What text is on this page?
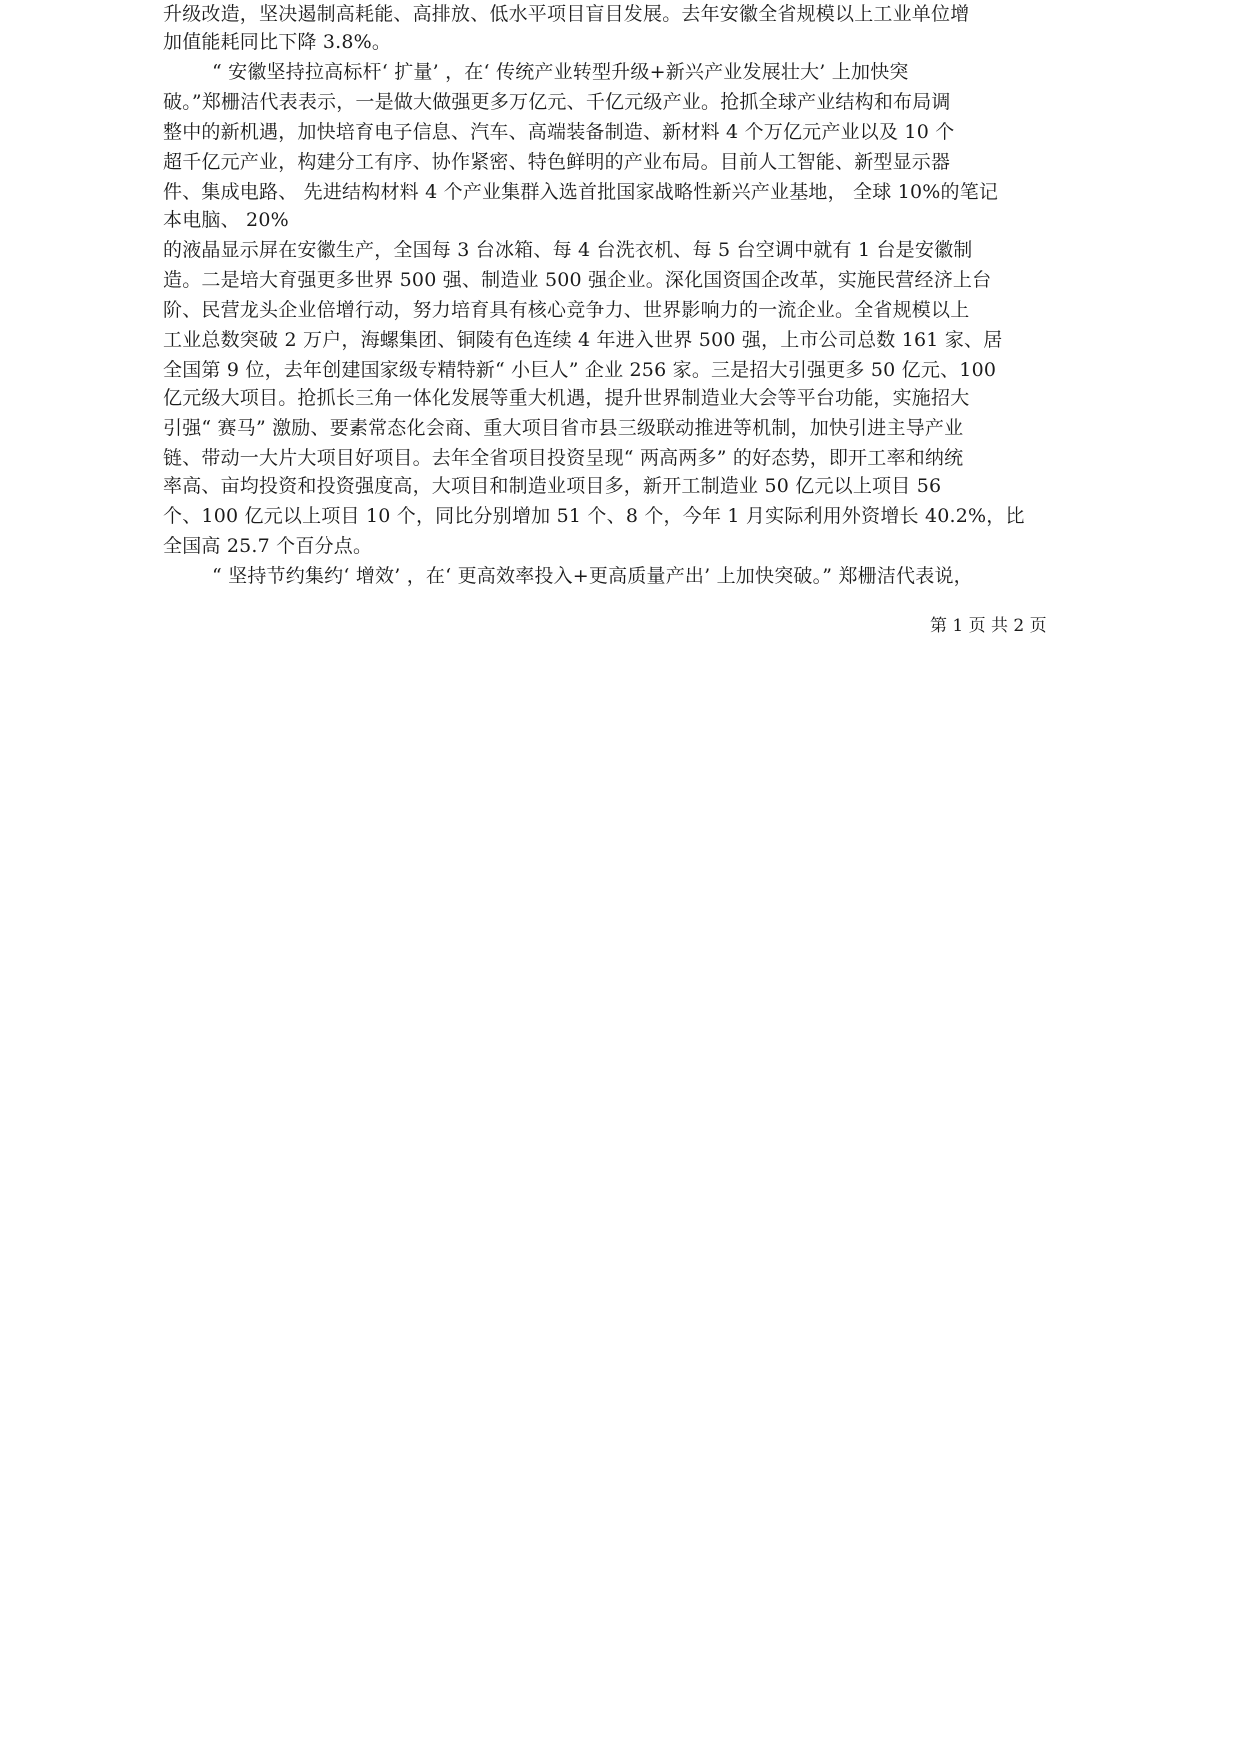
升级改造，坚决遏制高耗能、高排放、低水平项目盲目发展。去年安徽全省规模以上工业单位增
加值能耗同比下降 3.8%。
“ 安徽坚持拉高标杆‘ 扩量’ ，在‘ 传统产业转型升级+新兴产业发展壮大’ 上加快突
破。”郑栅洁代表表示，一是做大做强更多万亿元、千亿元级产业。抢抓全球产业结构和布局调
整中的新机遇，加快培育电子信息、汽车、高端装备制造、新材料 4 个万亿元产业以及 10 个
超千亿元产业，构建分工有序、协作紧密、特色鲜明的产业布局。目前人工智能、新型显示器
件、集成电路、 先进结构材料 4 个产业集群入选首批国家战略性新兴产业基地， 全球 10%的笔记
本电脑、 20%
的液晶显示屏在安徽生产，全国每 3 台冰箱、每 4 台洗衣机、每 5 台空调中就有 1 台是安徽制
造。二是培大育强更多世界 500 强、制造业 500 强企业。深化国资国企改革，实施民营经济上台
阶、民营龙头企业倍增行动，努力培育具有核心竞争力、世界影响力的一流企业。全省规模以上
工业总数突破 2 万户，海螺集团、铜陵有色连续 4 年进入世界 500 强，上市公司总数 161 家、居
全国第 9 位，去年创建国家级专精特新“ 小巨人” 企业 256 家。三是招大引强更多 50 亿元、100
亿元级大项目。抢抓长三角一体化发展等重大机遇，提升世界制造业大会等平台功能，实施招大
引强“ 赛马” 激励、要素常态化会商、重大项目省市县三级联动推进等机制，加快引进主导产业
链、带动一大片大项目好项目。去年全省项目投资呈现“ 两高两多” 的好态势，即开工率和纳统
率高、亩均投资和投资强度高，大项目和制造业项目多，新开工制造业 50 亿元以上项目 56
个、100 亿元以上项目 10 个，同比分别增加 51 个、8 个，今年 1 月实际利用外资增长 40.2%，比
全国高 25.7 个百分点。
“ 坚持节约集约‘ 增效’ ，在‘ 更高效率投入+更高质量产出’ 上加快突破。” 郑栅洁代表说，
第 1 页 共 2 页
